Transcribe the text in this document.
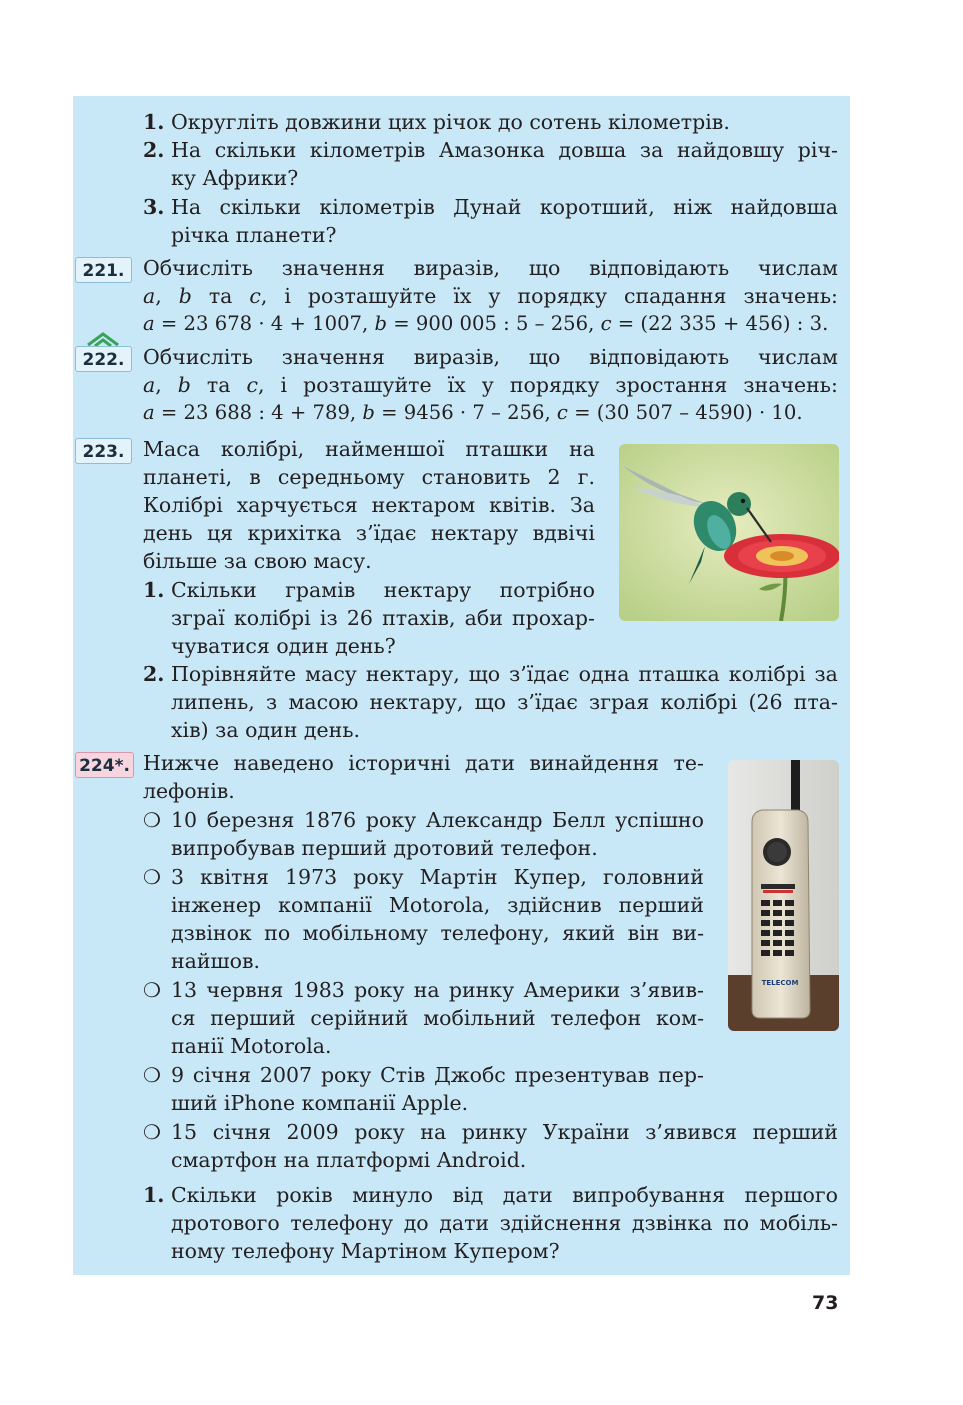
1. Округліть довжини цих річок до сотень кілометрів.
2. На скільки кілометрів Амазонка довша за найдовшу річ-
ку Африки?
3. На скільки кілометрів Дунай коротший, ніж найдовша
річка планети?
221. Обчисліть значення виразів, що відповідають числам
a, b та c, і розташуйте їх у порядку спадання значень:
a = 23 678 · 4 + 1007, b = 900 005 : 5 – 256, c = (22 335 + 456) : 3.
222. Обчисліть значення виразів, що відповідають числам
a, b та c, і розташуйте їх у порядку зростання значень:
a = 23 688 : 4 + 789, b = 9456 · 7 – 256, c = (30 507 – 4590) · 10.
223. Маса колібрі, найменшої пташки на
планеті, в середньому становить 2 г.
Колібрі харчується нектаром квітів. За
день ця крихітка з’їдає нектару вдвічі
більше за свою масу.
1. Скільки грамів нектару потрібно
зграї колібрі із 26 птахів, аби прохар-
чуватися один день?
2. Порівняйте масу нектару, що з’їдає одна пташка колібрі за
липень, з масою нектару, що з’їдає зграя колібрі (26 пта-
хів) за один день.
224*. Нижче наведено історичні дати винайдення те-
лефонів.
❍ 10 березня 1876 року Александр Белл успішно
випробував перший дротовий телефон.
❍ 3 квітня 1973 року Мартін Купер, головний
інженер компанії Motorola, здійснив перший
дзвінок по мобільному телефону, який він ви-
найшов.
❍ 13 червня 1983 року на ринку Америки з’явив-
ся перший серійний мобільний телефон ком-
панії Motorola.
❍ 9 січня 2007 року Стів Джобс презентував пер-
ший iPhone компанії Apple.
❍ 15 січня 2009 року на ринку України з’явився перший
смартфон на платформі Android.
1. Скільки років минуло від дати випробування першого
дротового телефону до дати здійснення дзвінка по мобіль-
ному телефону Мартіном Купером?
TELECOM
73
